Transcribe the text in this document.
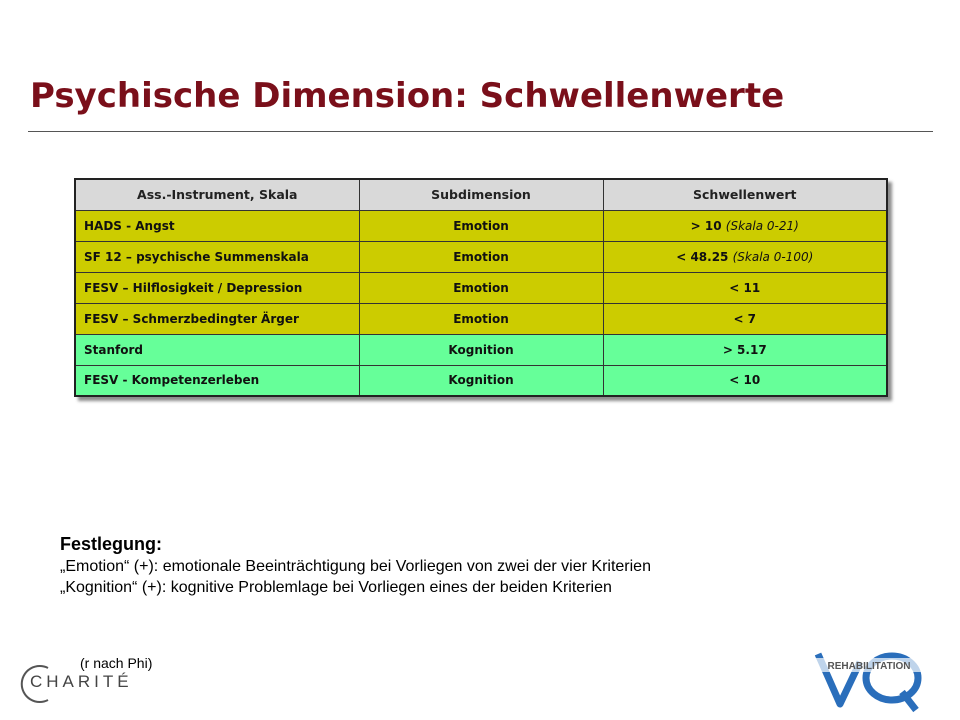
Psychische Dimension: Schwellenwerte
Ass.-Instrument, Skala	Subdimension	Schwellenwert
HADS - Angst	Emotion	> 10 (Skala 0-21)
SF 12 – psychische Summenskala	Emotion	< 48.25 (Skala 0-100)
FESV – Hilflosigkeit / Depression	Emotion	< 11
FESV – Schmerzbedingter Ärger	Emotion	< 7
Stanford	Kognition	> 5.17
FESV - Kompetenzerleben	Kognition	< 10
Festlegung:
„Emotion“ (+): emotionale Beeinträchtigung bei Vorliegen von zwei der vier Kriterien
„Kognition“ (+): kognitive Problemlage bei Vorliegen eines der beiden Kriterien
(r nach Phi)
CHARITÉ
REHABILITATION
